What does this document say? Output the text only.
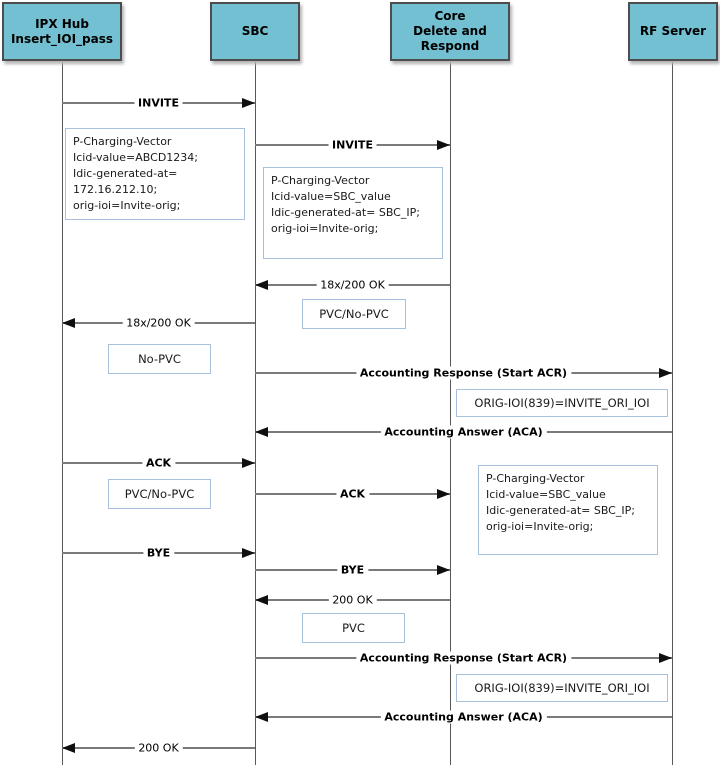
INVITE
INVITE
18x/200 OK
18x/200 OK
Accounting Response (Start ACR)
Accounting Answer (ACA)
ACK
ACK
BYE
BYE
200 OK
Accounting Response (Start ACR)
Accounting Answer (ACA)
200 OK
P-Charging-Vector
Icid-value=ABCD1234;
Idic-generated-at=
172.16.212.10;
orig-ioi=Invite-orig;
P-Charging-Vector
Icid-value=SBC_value
Idic-generated-at= SBC_IP;
orig-ioi=Invite-orig;
PVC/No-PVC
No-PVC
ORIG-IOI(839)=INVITE_ORI_IOI
P-Charging-Vector
Icid-value=SBC_value
Idic-generated-at= SBC_IP;
orig-ioi=Invite-orig;
PVC/No-PVC
PVC
ORIG-IOI(839)=INVITE_ORI_IOI
IPX Hub
Insert_IOI_pass
SBC
Core
Delete and
Respond
RF Server
